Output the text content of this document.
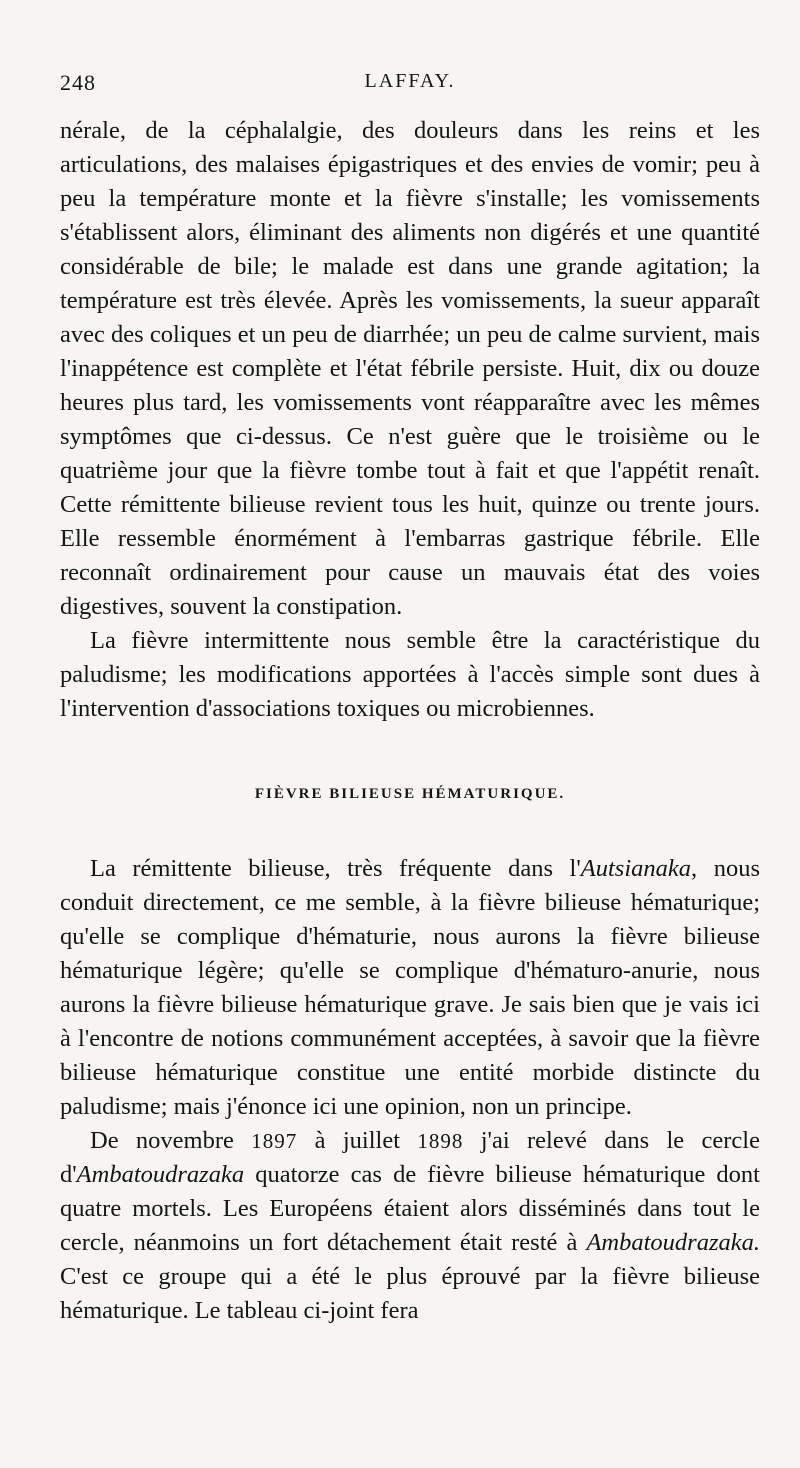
248	LAFFAY.

nérale, de la céphalalgie, des douleurs dans les reins et les articulations, des malaises épigastriques et des envies de vomir; peu à peu la température monte et la fièvre s'installe; les vomissements s'établissent alors, éliminant des aliments non digérés et une quantité considérable de bile; le malade est dans une grande agitation; la température est très élevée. Après les vomissements, la sueur apparaît avec des coliques et un peu de diarrhée; un peu de calme survient, mais l'inappétence est complète et l'état fébrile persiste. Huit, dix ou douze heures plus tard, les vomissements vont réapparaître avec les mêmes symptômes que ci-dessus. Ce n'est guère que le troisième ou le quatrième jour que la fièvre tombe tout à fait et que l'appétit renaît. Cette rémittente bilieuse revient tous les huit, quinze ou trente jours. Elle ressemble énormément à l'embarras gastrique fébrile. Elle reconnaît ordinairement pour cause un mauvais état des voies digestives, souvent la constipation.

La fièvre intermittente nous semble être la caractéristique du paludisme; les modifications apportées à l'accès simple sont dues à l'intervention d'associations toxiques ou microbiennes.

FIÈVRE BILIEUSE HÉMATURIQUE.

La rémittente bilieuse, très fréquente dans l'Autsianaka, nous conduit directement, ce me semble, à la fièvre bilieuse hématurique; qu'elle se complique d'hématurie, nous aurons la fièvre bilieuse hématurique légère; qu'elle se complique d'hématuro-anurie, nous aurons la fièvre bilieuse hématurique grave. Je sais bien que je vais ici à l'encontre de notions communément acceptées, à savoir que la fièvre bilieuse hématurique constitue une entité morbide distincte du paludisme; mais j'énonce ici une opinion, non un principe.

De novembre 1897 à juillet 1898 j'ai relevé dans le cercle d'Ambatoudrazaka quatorze cas de fièvre bilieuse hématurique dont quatre mortels. Les Européens étaient alors disséminés dans tout le cercle, néanmoins un fort détachement était resté à Ambatoudrazaka. C'est ce groupe qui a été le plus éprouvé par la fièvre bilieuse hématurique. Le tableau ci-joint fera
